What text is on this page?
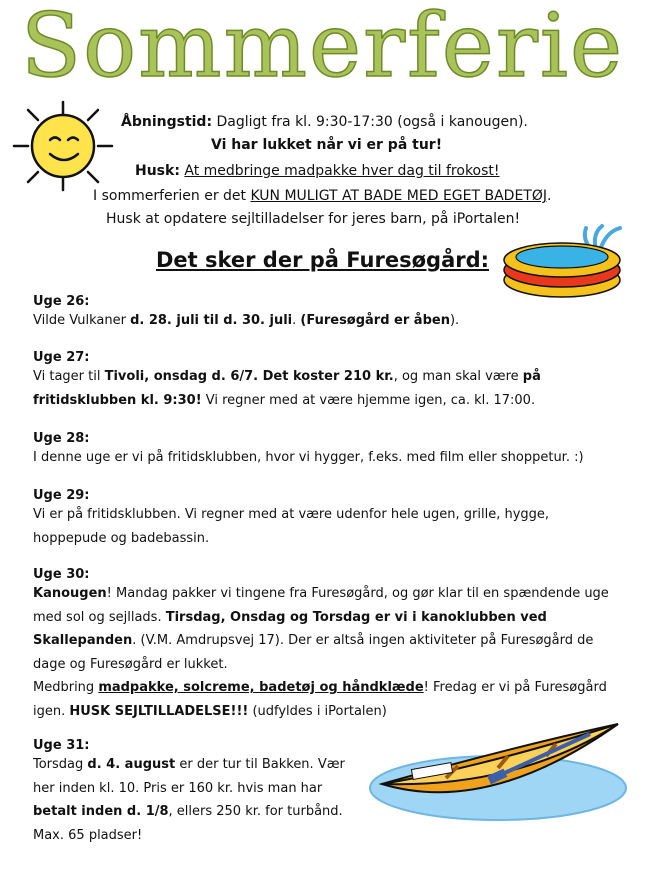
Sommerferie
Åbningstid: Dagligt fra kl. 9:30-17:30 (også i kanougen).
Vi har lukket når vi er på tur!
Husk: At medbringe madpakke hver dag til frokost!
I sommerferien er det KUN MULIGT AT BADE MED EGET BADETØJ.
Husk at opdatere sejltilladelser for jeres barn, på iPortalen!
Det sker der på Furesøgård:
Uge 26:
Vilde Vulkaner d. 28. juli til d. 30. juli. (Furesøgård er åben).
Uge 27:
Vi tager til Tivoli, onsdag d. 6/7. Det koster 210 kr., og man skal være på
fritidsklubben kl. 9:30! Vi regner med at være hjemme igen, ca. kl. 17:00.
Uge 28:
I denne uge er vi på fritidsklubben, hvor vi hygger, f.eks. med film eller shoppetur. :)
Uge 29:
Vi er på fritidsklubben. Vi regner med at være udenfor hele ugen, grille, hygge,
hoppepude og badebassin.
Uge 30:
Kanougen! Mandag pakker vi tingene fra Furesøgård, og gør klar til en spændende uge
med sol og sejllads. Tirsdag, Onsdag og Torsdag er vi i kanoklubben ved
Skallepanden. (V.M. Amdrupsvej 17). Der er altså ingen aktiviteter på Furesøgård de
dage og Furesøgård er lukket.
Medbring madpakke, solcreme, badetøj og håndklæde! Fredag er vi på Furesøgård
igen. HUSK SEJLTILLADELSE!!! (udfyldes i iPortalen)
Uge 31:
Torsdag d. 4. august er der tur til Bakken. Vær
her inden kl. 10. Pris er 160 kr. hvis man har
betalt inden d. 1/8, ellers 250 kr. for turbånd.
Max. 65 pladser!
